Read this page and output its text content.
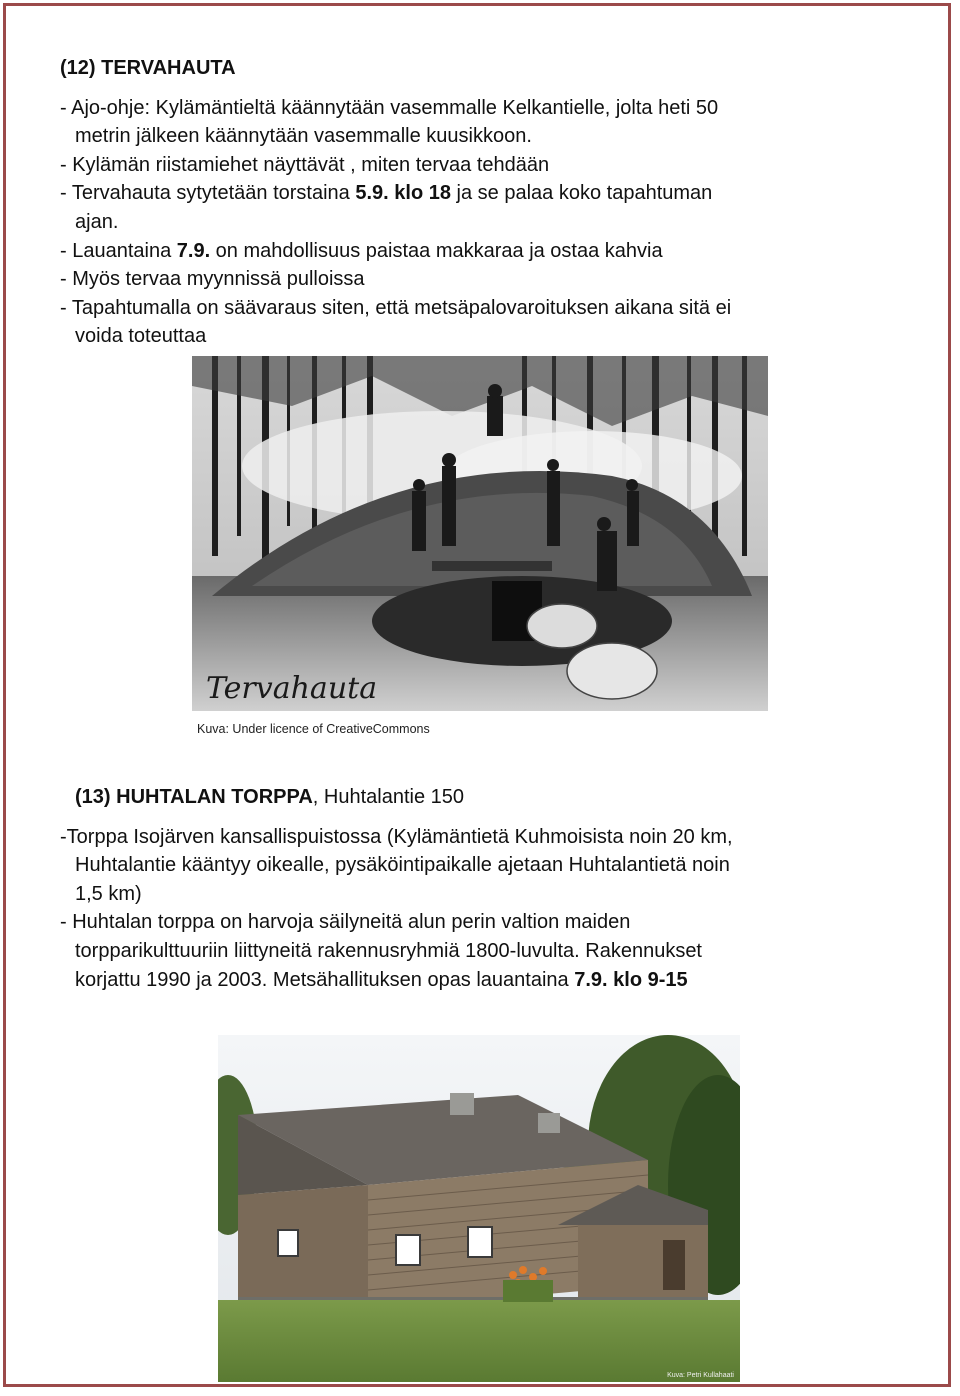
(12) TERVAHAUTA
- Ajo-ohje: Kylämäntieltä käännytään vasemmalle Kelkantielle, jolta heti 50
metrin jälkeen käännytään vasemmalle kuusikkoon.
- Kylämän riistamiehet näyttävät , miten tervaa tehdään
- Tervahauta sytytetään torstaina 5.9. klo 18 ja se palaa koko tapahtuman
ajan.
- Lauantaina 7.9. on mahdollisuus paistaa makkaraa ja ostaa kahvia
- Myös tervaa myynnissä pulloissa
- Tapahtumalla on säävaraus siten, että metsäpalovaroituksen aikana sitä ei
voida toteuttaa
Tervahauta
Kuva: Under licence of CreativeCommons
(13) HUHTALAN TORPPA, Huhtalantie 150
-Torppa Isojärven kansallispuistossa (Kylämäntietä Kuhmoisista noin 20 km,
Huhtalantie kääntyy oikealle, pysäköintipaikalle ajetaan Huhtalantietä noin
1,5 km)
- Huhtalan torppa on harvoja säilyneitä alun perin valtion maiden
torpparikulttuuriin liittyneitä rakennusryhmiä 1800-luvulta. Rakennukset
korjattu 1990 ja 2003. Metsähallituksen opas lauantaina 7.9. klo 9-15
Kuva: Petri Kullahaati
